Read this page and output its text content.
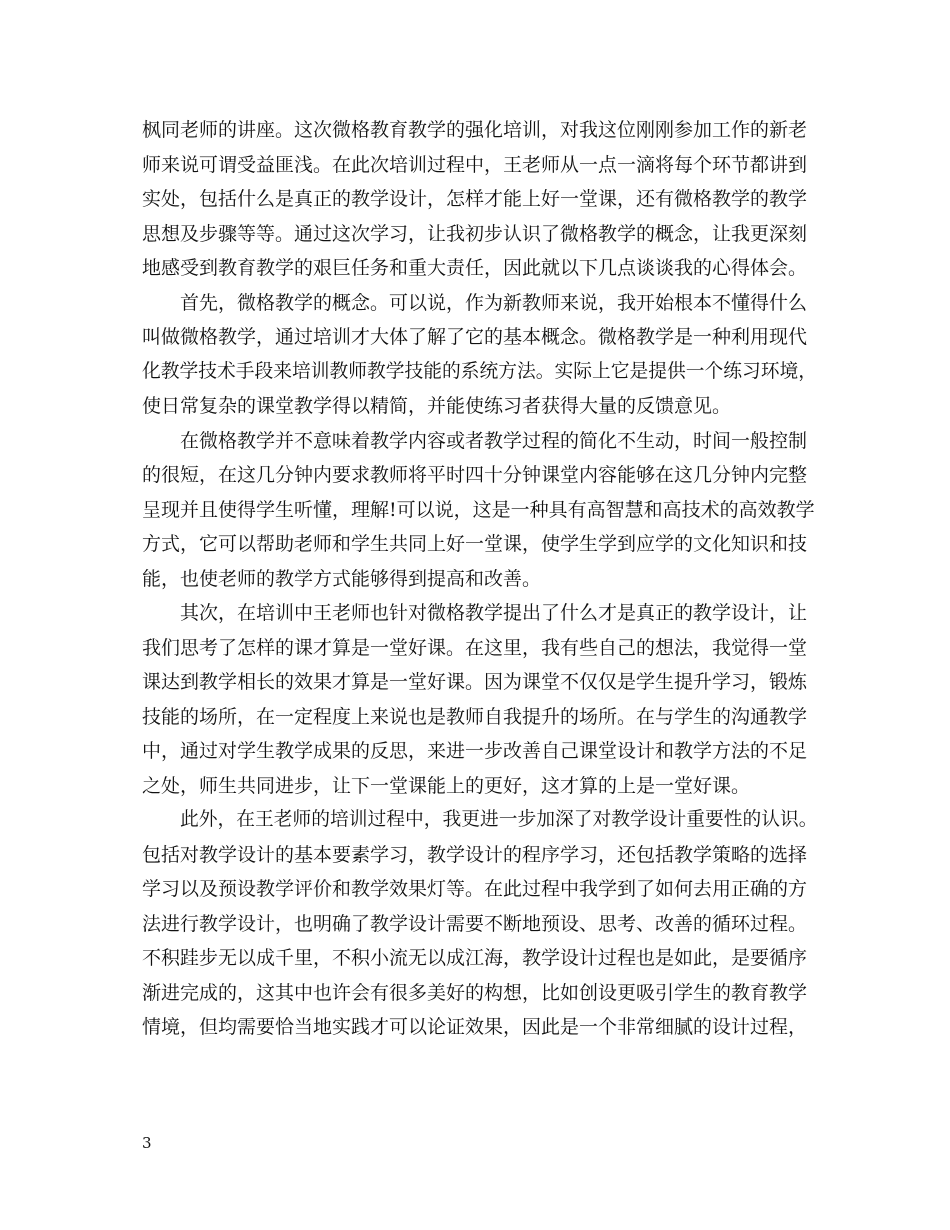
枫同老师的讲座。这次微格教育教学的强化培训，对我这位刚刚参加工作的新老
师来说可谓受益匪浅。在此次培训过程中，王老师从一点一滴将每个环节都讲到
实处，包括什么是真正的教学设计，怎样才能上好一堂课，还有微格教学的教学
思想及步骤等等。通过这次学习，让我初步认识了微格教学的概念，让我更深刻
地感受到教育教学的艰巨任务和重大责任，因此就以下几点谈谈我的心得体会。
首先，微格教学的概念。可以说，作为新教师来说，我开始根本不懂得什么
叫做微格教学，通过培训才大体了解了它的基本概念。微格教学是一种利用现代
化教学技术手段来培训教师教学技能的系统方法。实际上它是提供一个练习环境，
使日常复杂的课堂教学得以精简，并能使练习者获得大量的反馈意见。
在微格教学并不意味着教学内容或者教学过程的简化不生动，时间一般控制
的很短，在这几分钟内要求教师将平时四十分钟课堂内容能够在这几分钟内完整
呈现并且使得学生听懂，理解!可以说，这是一种具有高智慧和高技术的高效教学
方式，它可以帮助老师和学生共同上好一堂课，使学生学到应学的文化知识和技
能，也使老师的教学方式能够得到提高和改善。
其次，在培训中王老师也针对微格教学提出了什么才是真正的教学设计，让
我们思考了怎样的课才算是一堂好课。在这里，我有些自己的想法，我觉得一堂
课达到教学相长的效果才算是一堂好课。因为课堂不仅仅是学生提升学习，锻炼
技能的场所，在一定程度上来说也是教师自我提升的场所。在与学生的沟通教学
中，通过对学生教学成果的反思，来进一步改善自己课堂设计和教学方法的不足
之处，师生共同进步，让下一堂课能上的更好，这才算的上是一堂好课。
此外，在王老师的培训过程中，我更进一步加深了对教学设计重要性的认识。
包括对教学设计的基本要素学习，教学设计的程序学习，还包括教学策略的选择
学习以及预设教学评价和教学效果灯等。在此过程中我学到了如何去用正确的方
法进行教学设计，也明确了教学设计需要不断地预设、思考、改善的循环过程。
不积跬步无以成千里，不积小流无以成江海，教学设计过程也是如此，是要循序
渐进完成的，这其中也许会有很多美好的构想，比如创设更吸引学生的教育教学
情境，但均需要恰当地实践才可以论证效果，因此是一个非常细腻的设计过程，
3
